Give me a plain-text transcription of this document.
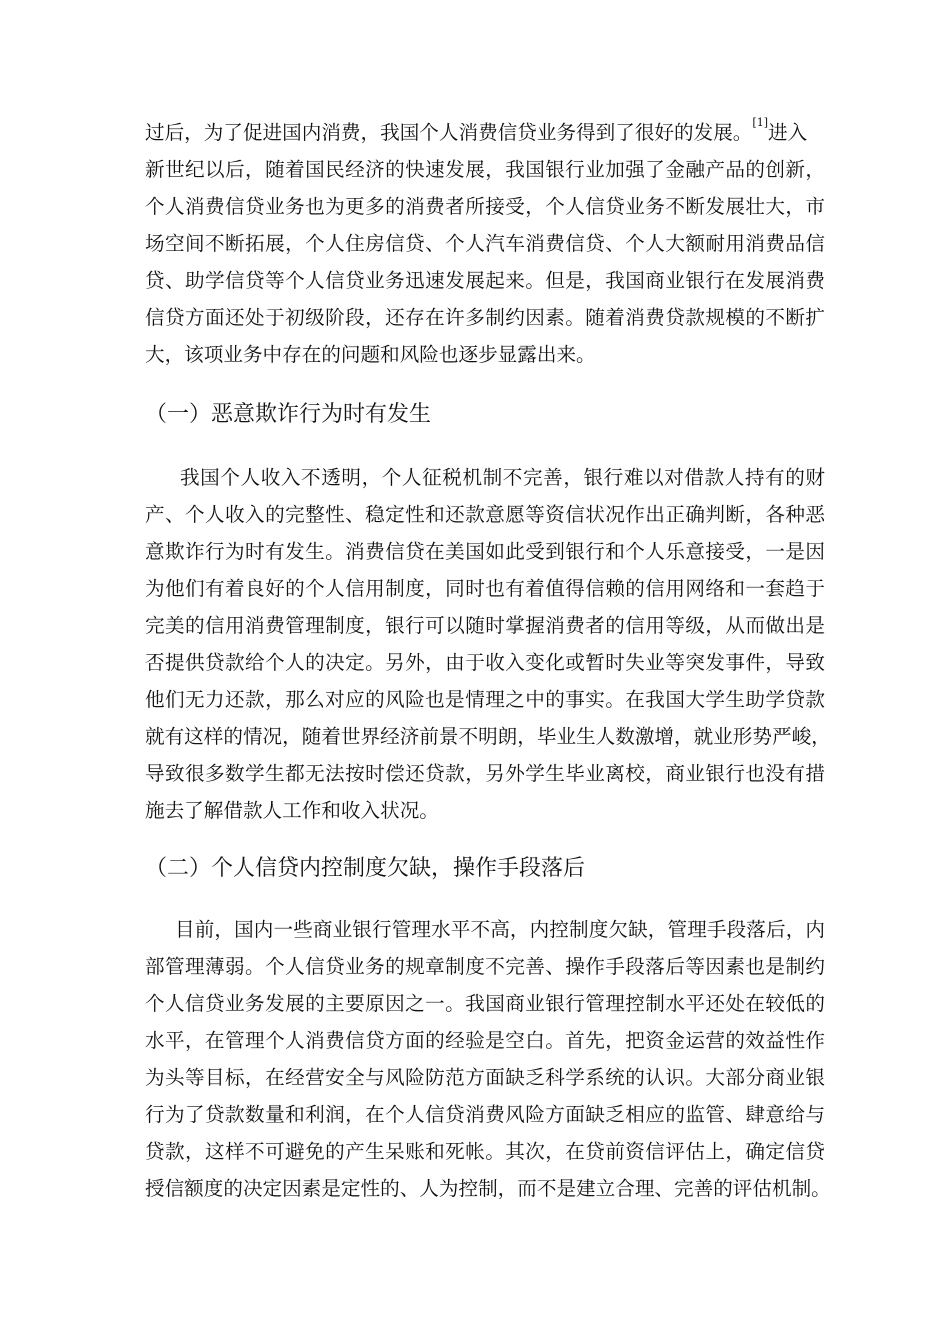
过后，为了促进国内消费，我国个人消费信贷业务得到了很好的发展。[1]进入
新世纪以后，随着国民经济的快速发展，我国银行业加强了金融产品的创新，
个人消费信贷业务也为更多的消费者所接受，个人信贷业务不断发展壮大，市
场空间不断拓展，个人住房信贷、个人汽车消费信贷、个人大额耐用消费品信
贷、助学信贷等个人信贷业务迅速发展起来。但是，我国商业银行在发展消费
信贷方面还处于初级阶段，还存在许多制约因素。随着消费贷款规模的不断扩
大，该项业务中存在的问题和风险也逐步显露出来。
（一）恶意欺诈行为时有发生
我国个人收入不透明，个人征税机制不完善，银行难以对借款人持有的财
产、个人收入的完整性、稳定性和还款意愿等资信状况作出正确判断，各种恶
意欺诈行为时有发生。消费信贷在美国如此受到银行和个人乐意接受，一是因
为他们有着良好的个人信用制度，同时也有着值得信赖的信用网络和一套趋于
完美的信用消费管理制度，银行可以随时掌握消费者的信用等级，从而做出是
否提供贷款给个人的决定。另外，由于收入变化或暂时失业等突发事件，导致
他们无力还款，那么对应的风险也是情理之中的事实。在我国大学生助学贷款
就有这样的情况，随着世界经济前景不明朗，毕业生人数激增，就业形势严峻，
导致很多数学生都无法按时偿还贷款，另外学生毕业离校，商业银行也没有措
施去了解借款人工作和收入状况。
（二）个人信贷内控制度欠缺，操作手段落后
目前，国内一些商业银行管理水平不高，内控制度欠缺，管理手段落后，内
部管理薄弱。个人信贷业务的规章制度不完善、操作手段落后等因素也是制约
个人信贷业务发展的主要原因之一。我国商业银行管理控制水平还处在较低的
水平，在管理个人消费信贷方面的经验是空白。首先，把资金运营的效益性作
为头等目标，在经营安全与风险防范方面缺乏科学系统的认识。大部分商业银
行为了贷款数量和利润，在个人信贷消费风险方面缺乏相应的监管、肆意给与
贷款，这样不可避免的产生呆账和死帐。其次，在贷前资信评估上，确定信贷
授信额度的决定因素是定性的、人为控制，而不是建立合理、完善的评估机制。
